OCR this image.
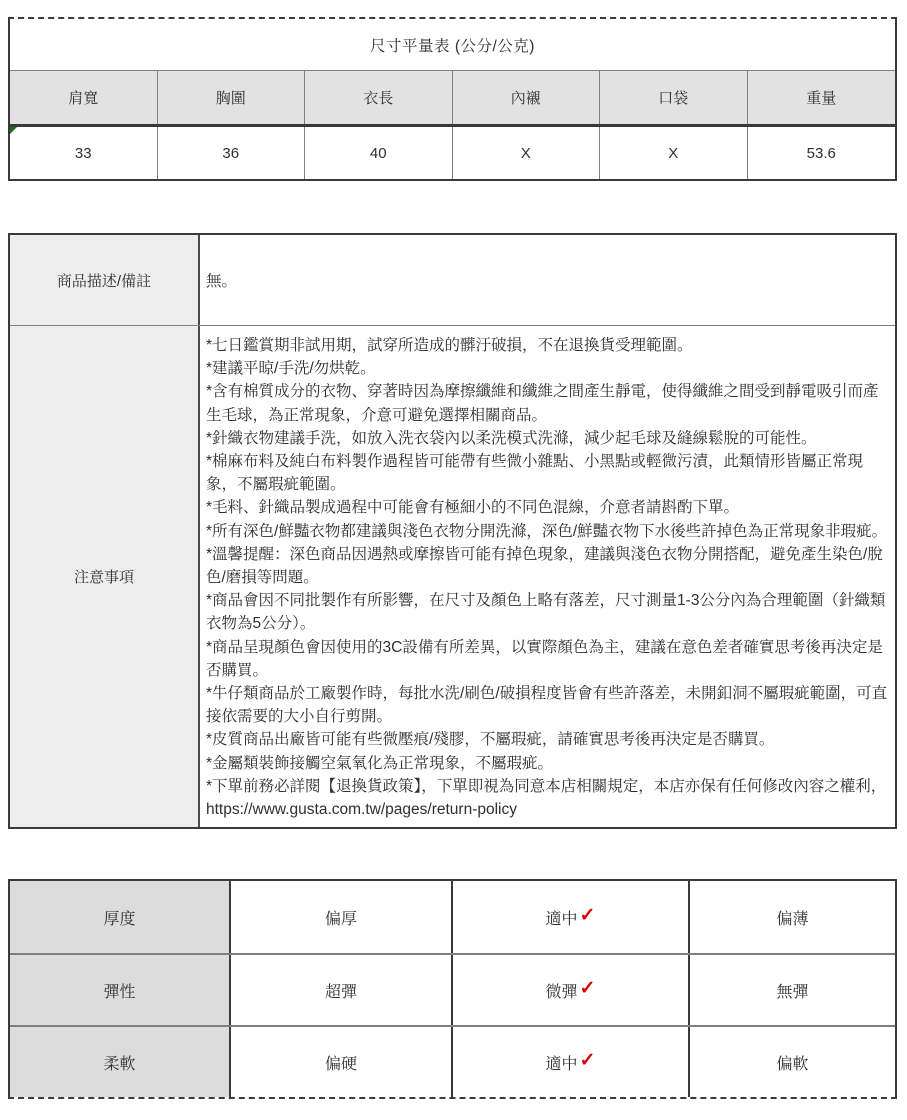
尺寸平量表 (公分/公克)
肩寬	胸圍	衣長	內襯	口袋	重量
33	36	40	X	X	53.6
商品描述/備註	無。
注意事項
*七日鑑賞期非試用期，試穿所造成的髒汙破損，不在退換貨受理範圍。
*建議平晾/手洗/勿烘乾。
*含有棉質成分的衣物、穿著時因為摩擦纖維和纖維之間產生靜電，使得纖維之間受到靜電吸引而產生毛球，為正常現象，介意可避免選擇相關商品。
*針織衣物建議手洗，如放入洗衣袋內以柔洗模式洗滌，減少起毛球及縫線鬆脫的可能性。
*棉麻布料及純白布料製作過程皆可能帶有些微小雜點、小黑點或輕微污漬，此類情形皆屬正常現象，不屬瑕疵範圍。
*毛料、針織品製成過程中可能會有極細小的不同色混線，介意者請斟酌下單。
*所有深色/鮮豔衣物都建議與淺色衣物分開洗滌，深色/鮮豔衣物下水後些許掉色為正常現象非瑕疵。
*溫馨提醒：深色商品因遇熱或摩擦皆可能有掉色現象，建議與淺色衣物分開搭配，避免產生染色/脫色/磨損等問題。
*商品會因不同批製作有所影響，在尺寸及顏色上略有落差，尺寸測量1-3公分內為合理範圍（針織類衣物為5公分）。
*商品呈現顏色會因使用的3C設備有所差異，以實際顏色為主，建議在意色差者確實思考後再決定是否購買。
*牛仔類商品於工廠製作時，每批水洗/刷色/破損程度皆會有些許落差，未開釦洞不屬瑕疵範圍，可直接依需要的大小自行剪開。
*皮質商品出廠皆可能有些微壓痕/殘膠，不屬瑕疵，請確實思考後再決定是否購買。
*金屬類裝飾接觸空氣氧化為正常現象，不屬瑕疵。
*下單前務必詳閱【退換貨政策】，下單即視為同意本店相關規定，本店亦保有任何修改內容之權利，https://www.gusta.com.tw/pages/return-policy
厚度	偏厚	適中 ✓	偏薄
彈性	超彈	微彈 ✓	無彈
柔軟	偏硬	適中 ✓	偏軟
